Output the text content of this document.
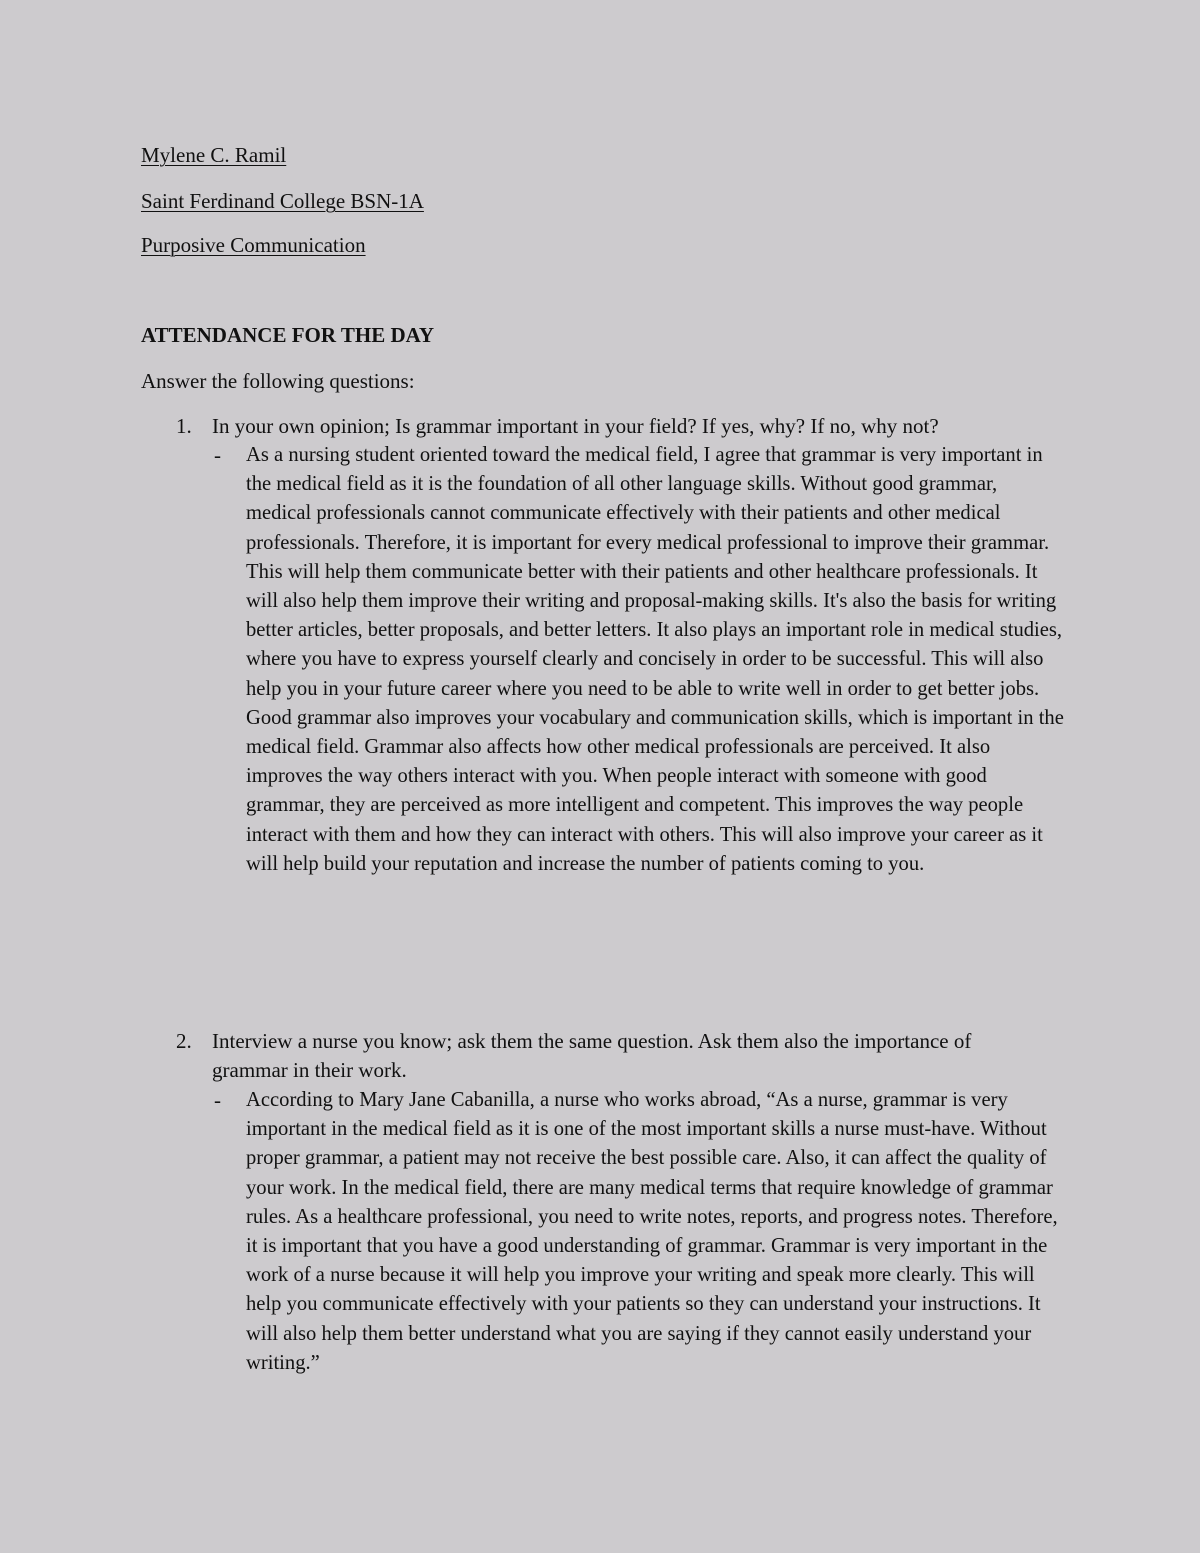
Mylene C. Ramil
Saint Ferdinand College BSN-1A
Purposive Communication
ATTENDANCE FOR THE DAY
Answer the following questions:
1. In your own opinion; Is grammar important in your field? If yes, why? If no, why not?
- As a nursing student oriented toward the medical field, I agree that grammar is very important in the medical field as it is the foundation of all other language skills. Without good grammar, medical professionals cannot communicate effectively with their patients and other medical professionals. Therefore, it is important for every medical professional to improve their grammar. This will help them communicate better with their patients and other healthcare professionals. It will also help them improve their writing and proposal-making skills. It's also the basis for writing better articles, better proposals, and better letters. It also plays an important role in medical studies, where you have to express yourself clearly and concisely in order to be successful. This will also help you in your future career where you need to be able to write well in order to get better jobs. Good grammar also improves your vocabulary and communication skills, which is important in the medical field. Grammar also affects how other medical professionals are perceived. It also improves the way others interact with you. When people interact with someone with good grammar, they are perceived as more intelligent and competent. This improves the way people interact with them and how they can interact with others. This will also improve your career as it will help build your reputation and increase the number of patients coming to you.
2. Interview a nurse you know; ask them the same question. Ask them also the importance of grammar in their work.
- According to Mary Jane Cabanilla, a nurse who works abroad, “As a nurse, grammar is very important in the medical field as it is one of the most important skills a nurse must-have. Without proper grammar, a patient may not receive the best possible care. Also, it can affect the quality of your work. In the medical field, there are many medical terms that require knowledge of grammar rules. As a healthcare professional, you need to write notes, reports, and progress notes. Therefore, it is important that you have a good understanding of grammar. Grammar is very important in the work of a nurse because it will help you improve your writing and speak more clearly. This will help you communicate effectively with your patients so they can understand your instructions. It will also help them better understand what you are saying if they cannot easily understand your writing.”
